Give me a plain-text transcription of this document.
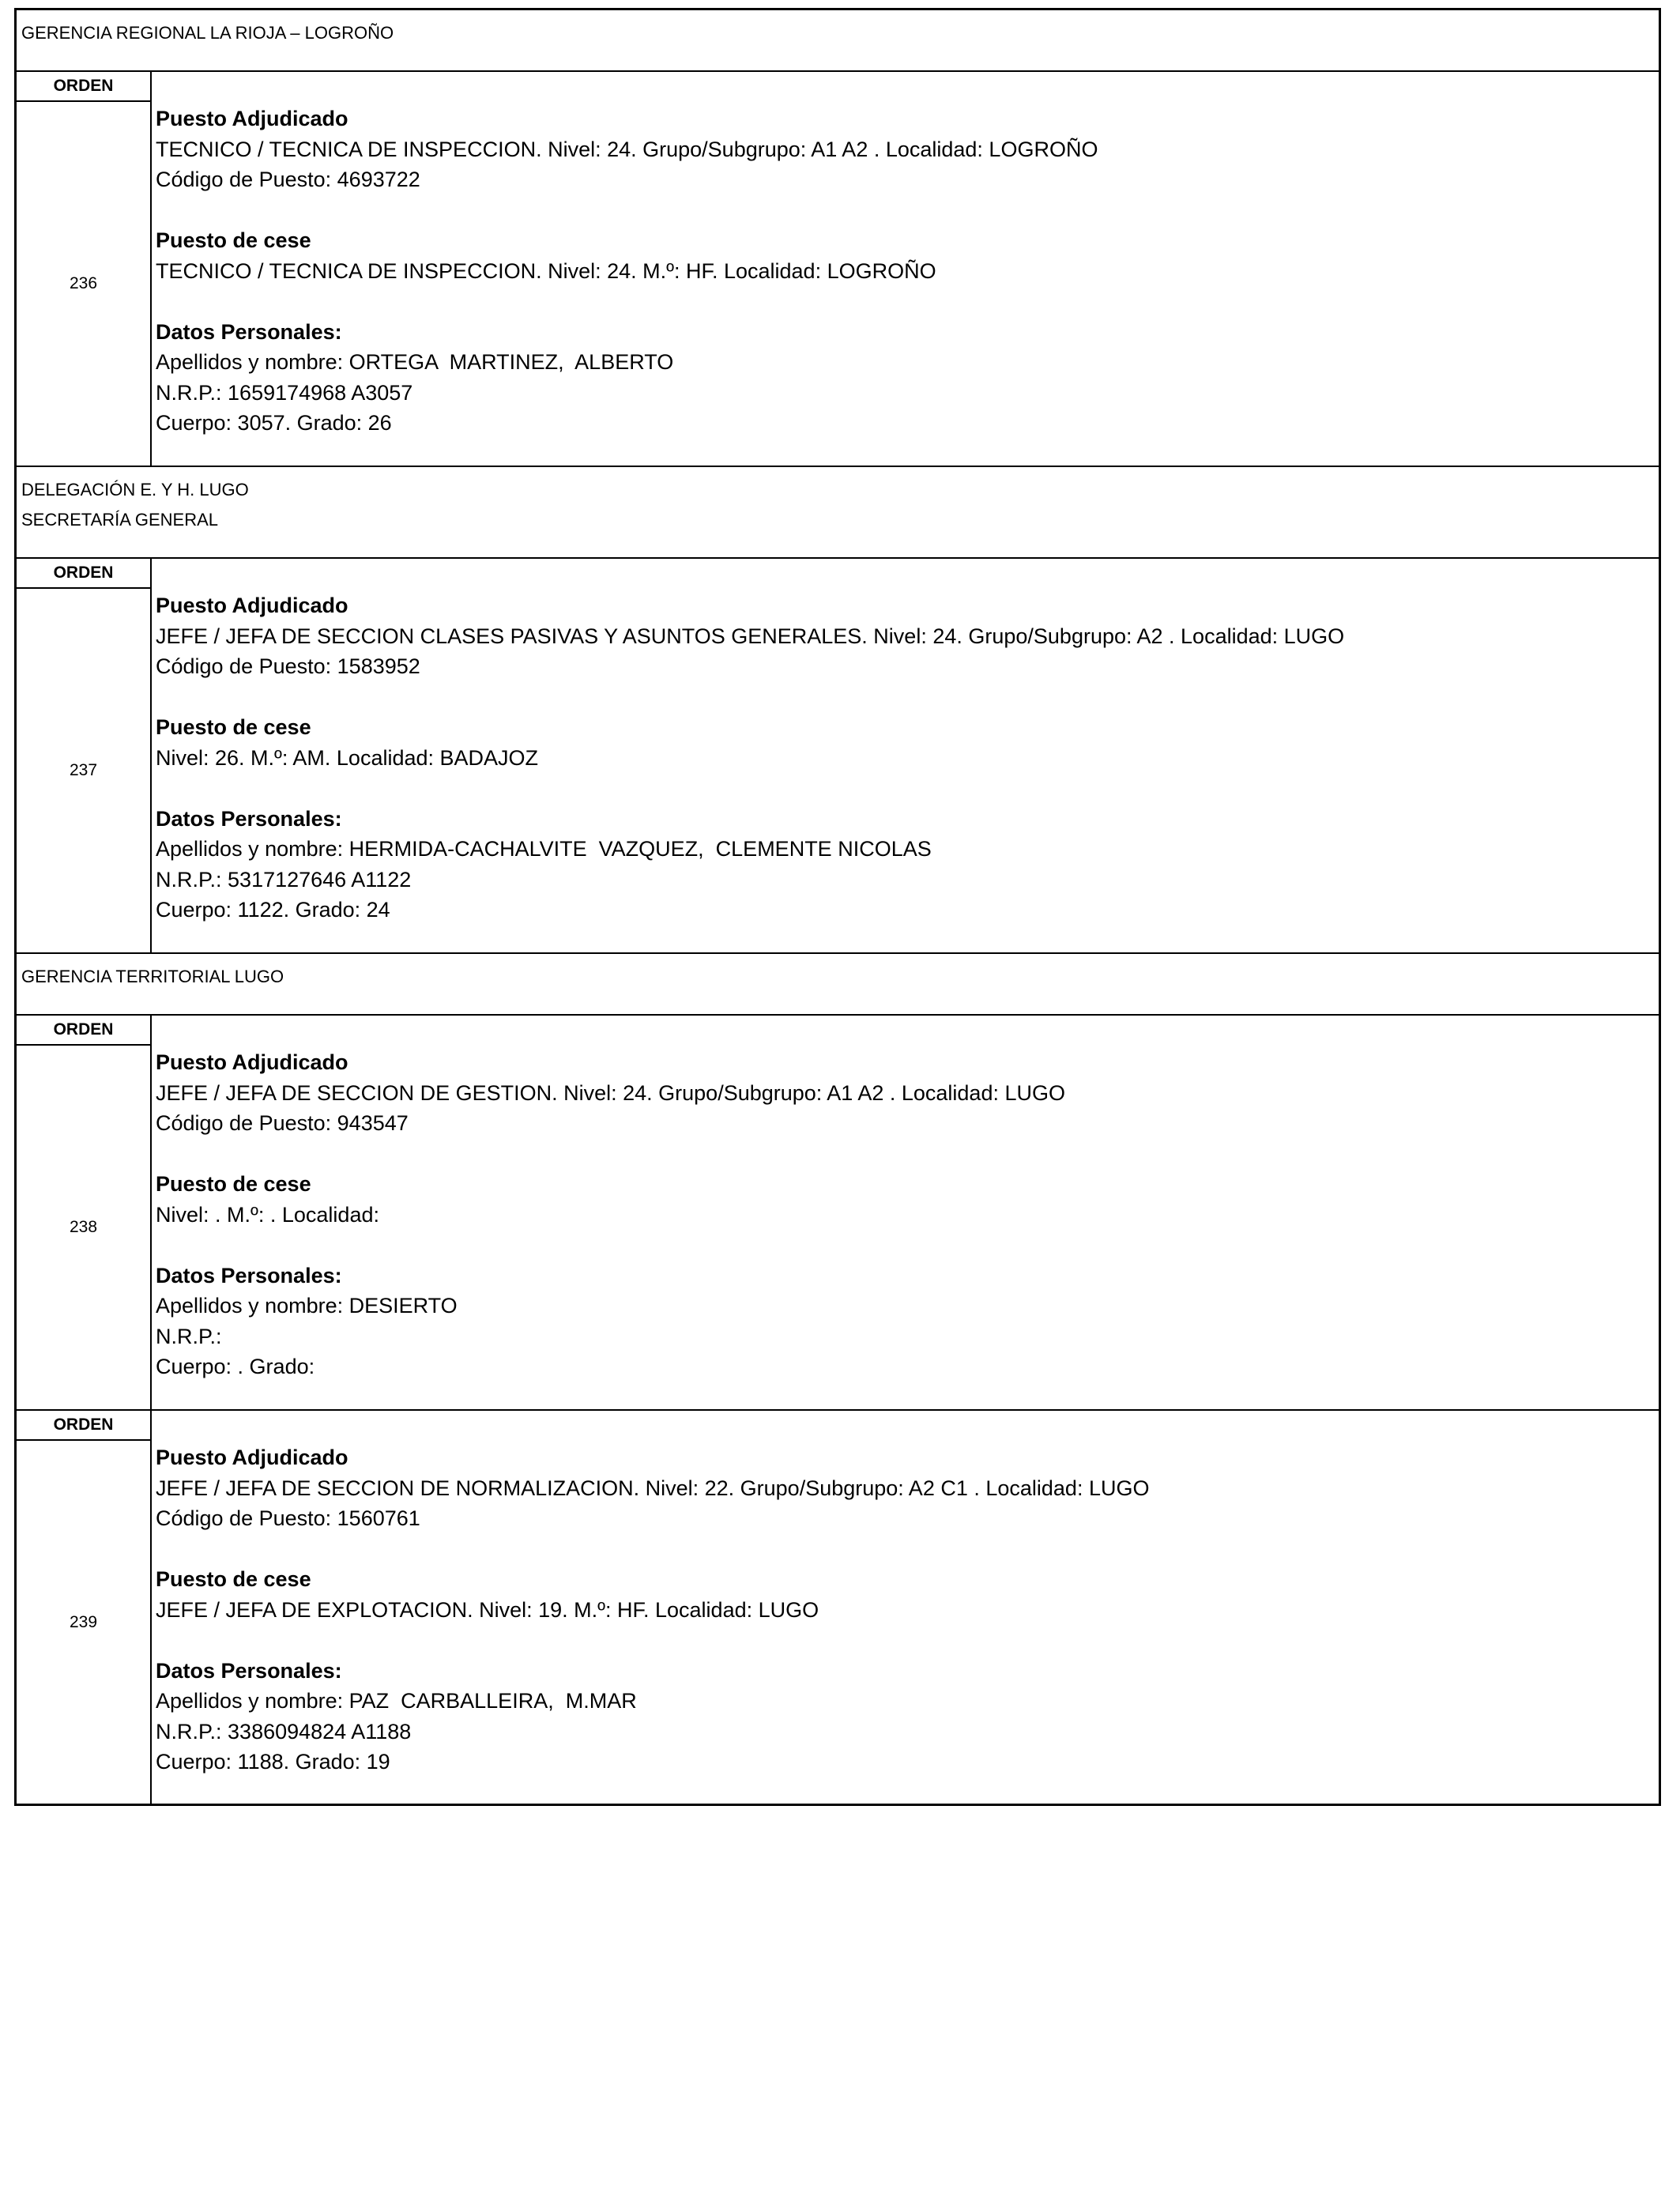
GERENCIA REGIONAL LA RIOJA – LOGROÑO
ORDEN
236
Puesto Adjudicado
TECNICO / TECNICA DE INSPECCION. Nivel: 24. Grupo/Subgrupo: A1 A2 . Localidad: LOGROÑO
Código de Puesto: 4693722
Puesto de cese
TECNICO / TECNICA DE INSPECCION. Nivel: 24. M.º: HF. Localidad: LOGROÑO
Datos Personales:
Apellidos y nombre: ORTEGA  MARTINEZ,  ALBERTO
N.R.P.: 1659174968 A3057
Cuerpo: 3057. Grado: 26
DELEGACIÓN E. Y H. LUGO
SECRETARÍA GENERAL
ORDEN
237
Puesto Adjudicado
JEFE / JEFA DE SECCION CLASES PASIVAS Y ASUNTOS GENERALES. Nivel: 24. Grupo/Subgrupo: A2 . Localidad: LUGO
Código de Puesto: 1583952
Puesto de cese
Nivel: 26. M.º: AM. Localidad: BADAJOZ
Datos Personales:
Apellidos y nombre: HERMIDA-CACHALVITE  VAZQUEZ,  CLEMENTE NICOLAS
N.R.P.: 5317127646 A1122
Cuerpo: 1122. Grado: 24
GERENCIA TERRITORIAL LUGO
ORDEN
238
Puesto Adjudicado
JEFE / JEFA DE SECCION DE GESTION. Nivel: 24. Grupo/Subgrupo: A1 A2 . Localidad: LUGO
Código de Puesto: 943547
Puesto de cese
Nivel: . M.º: . Localidad:
Datos Personales:
Apellidos y nombre: DESIERTO
N.R.P.:
Cuerpo: . Grado:
ORDEN
239
Puesto Adjudicado
JEFE / JEFA DE SECCION DE NORMALIZACION. Nivel: 22. Grupo/Subgrupo: A2 C1 . Localidad: LUGO
Código de Puesto: 1560761
Puesto de cese
JEFE / JEFA DE EXPLOTACION. Nivel: 19. M.º: HF. Localidad: LUGO
Datos Personales:
Apellidos y nombre: PAZ  CARBALLEIRA,  M.MAR
N.R.P.: 3386094824 A1188
Cuerpo: 1188. Grado: 19
